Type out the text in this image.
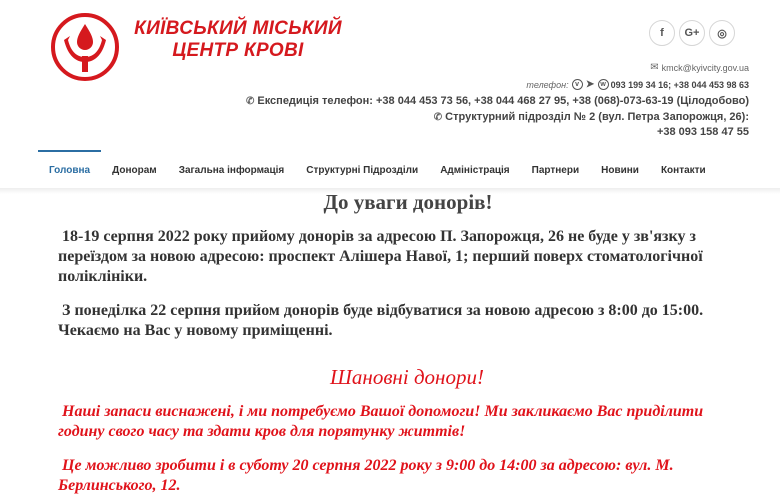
КИЇВСЬКИЙ МІСЬКИЙ
ЦЕНТР КРОВІ
f	G+	◎
✉ kmck@kyivcity.gov.ua
телефон: v ➤ w 093 199 34 16; +38 044 453 98 63
✆ Експедиція телефон: +38 044 453 73 56, +38 044 468 27 95, +38 (068)-073-63-19 (Цілодобово)
✆ Структурний підрозділ № 2 (вул. Петра Запорожця, 26):
+38 093 158 47 55
Головна	Донорам	Загальна інформація	Структурні Підрозділи	Адміністрація	Партнери	Новини	Контакти
До уваги донорів!

18-19 серпня 2022 року прийому донорів за адресою П. Запорожця, 26 не буде у зв'язку з переїздом за новою адресою: проспект Алішера Навої, 1; перший поверх стоматологічної поліклініки.

З понеділка 22 серпня прийом донорів буде відбуватися за новою адресою з 8:00 до 15:00. Чекаємо на Вас у новому приміщенні.

Шановні донори!

Наші запаси виснажені, і ми потребуємо Вашої допомоги! Ми закликаємо Вас приділити годину свого часу та здати кров для порятунку життів!

Це можливо зробити і в суботу 20 серпня 2022 року з 9:00 до 14:00 за адресою: вул. М. Берлинського, 12.
